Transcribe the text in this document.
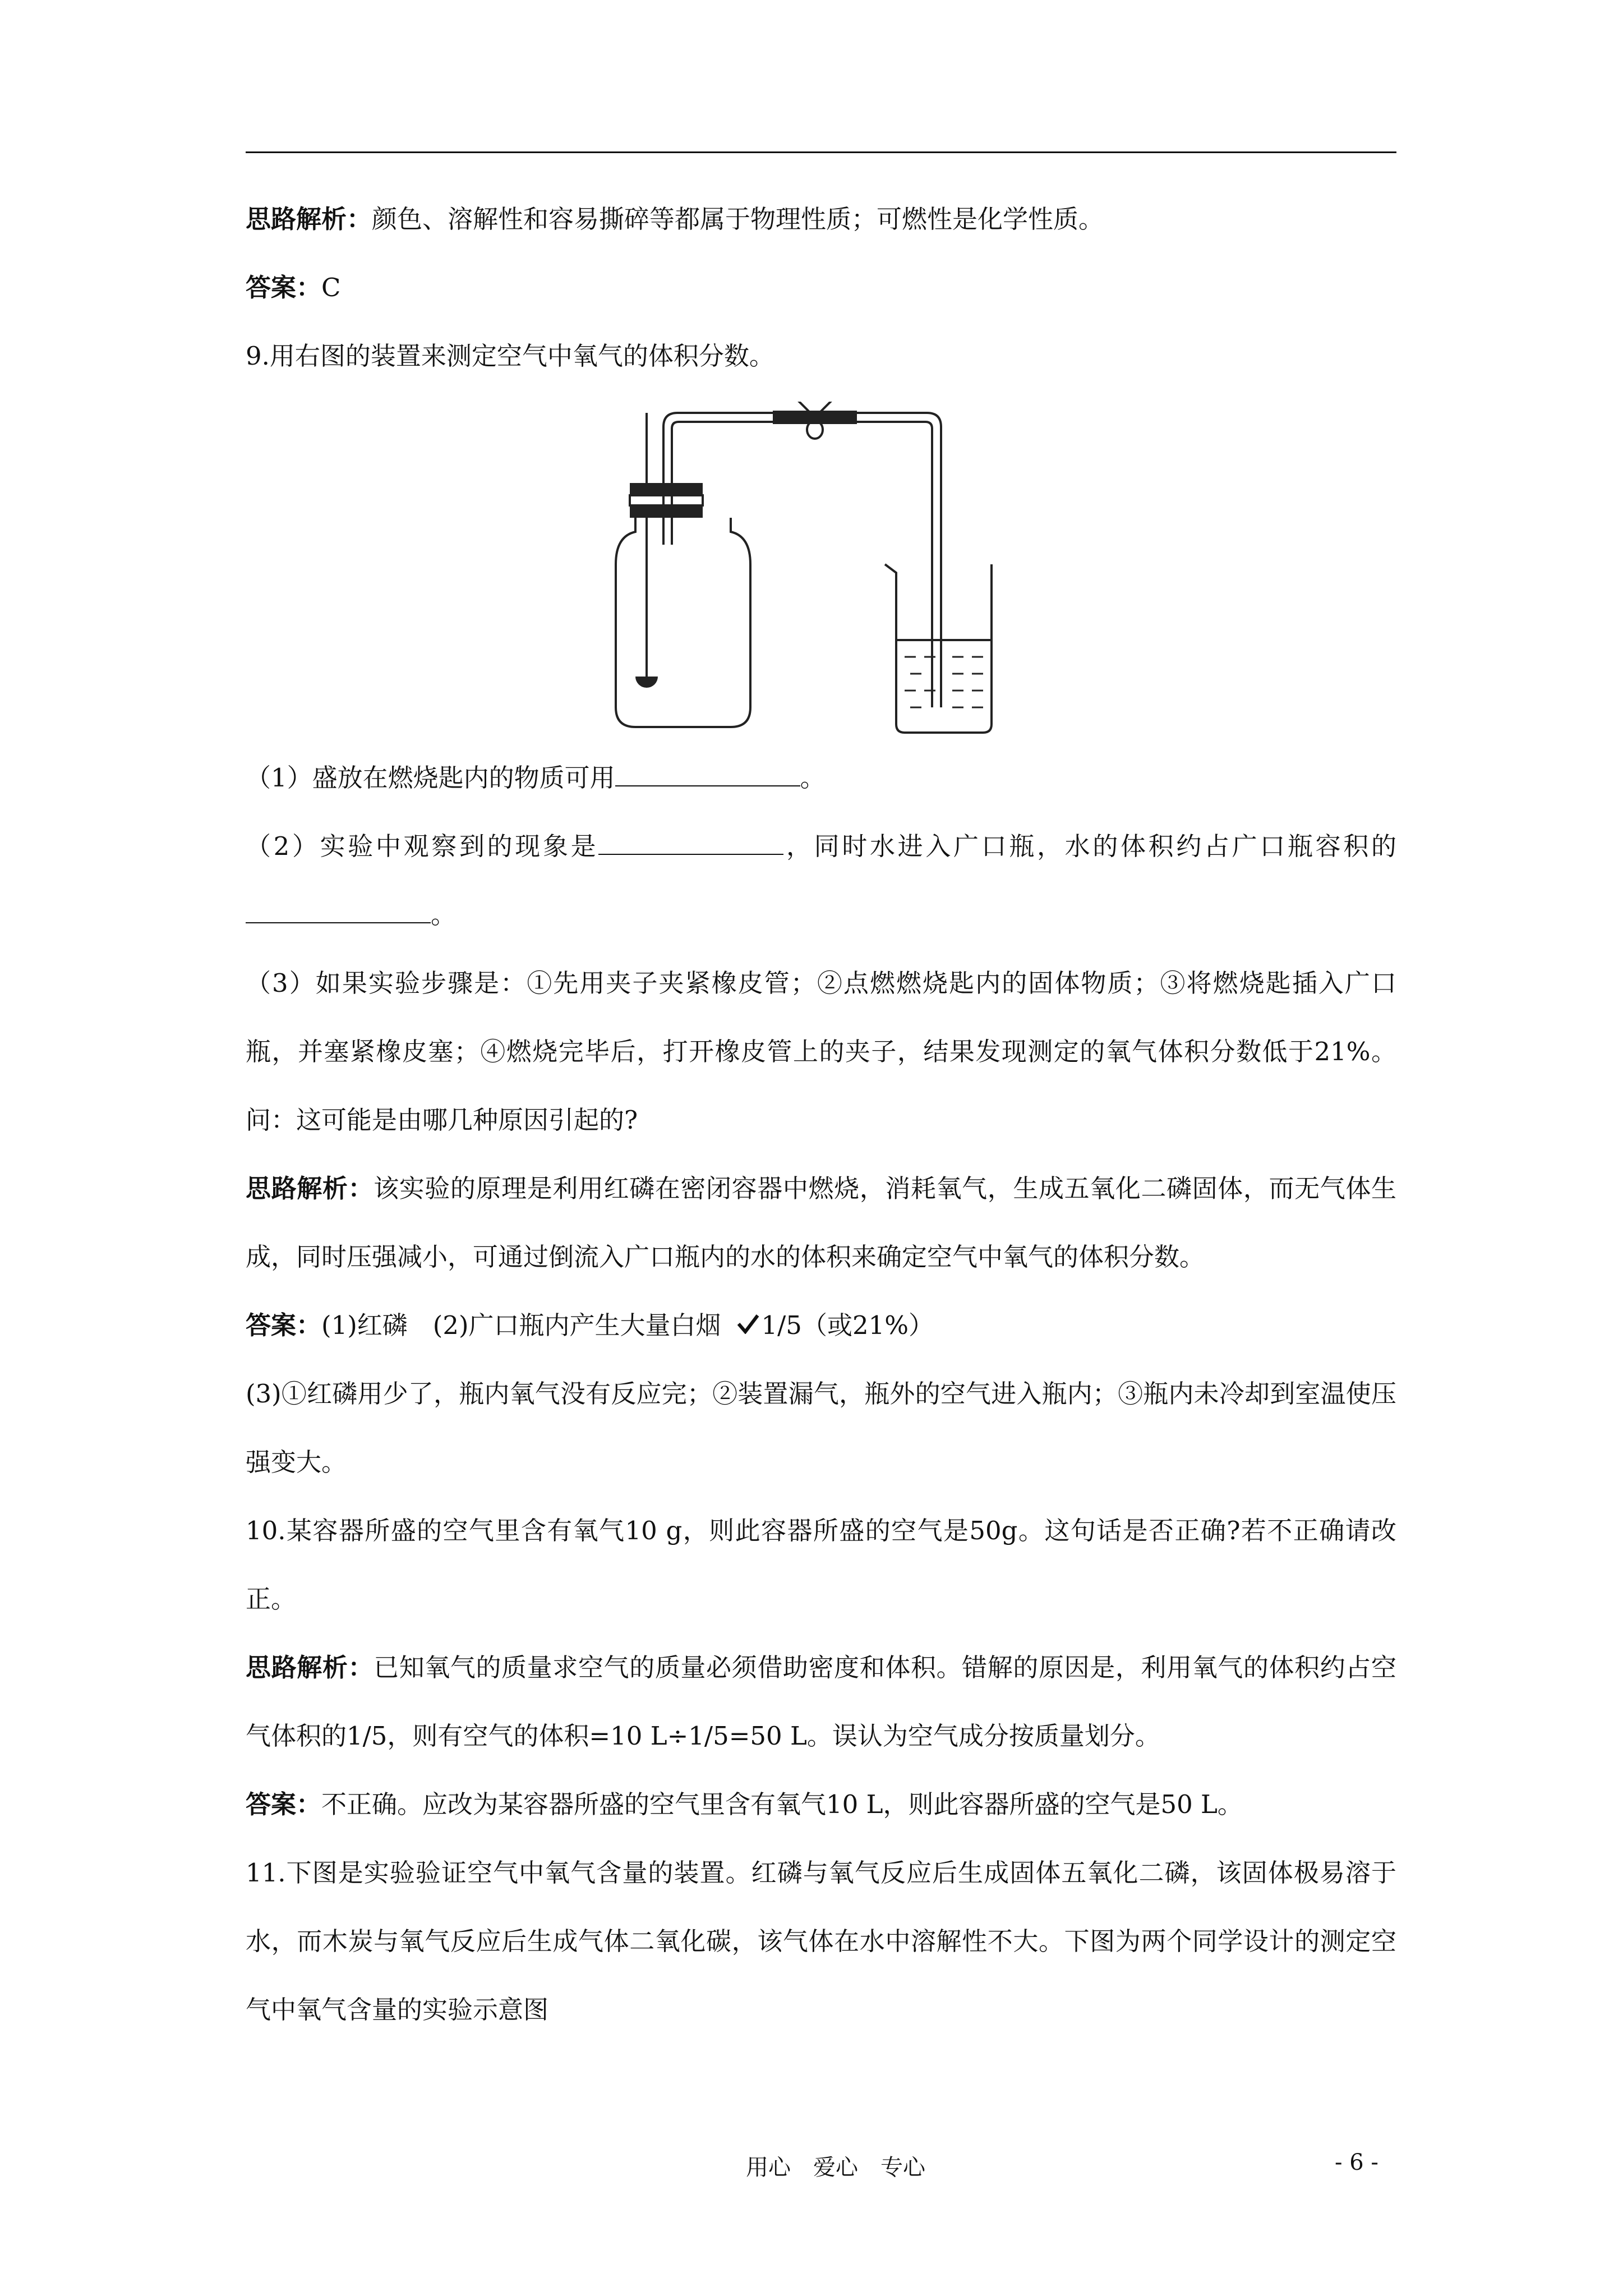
思路解析：颜色、溶解性和容易撕碎等都属于物理性质；可燃性是化学性质。
答案：C
9.用右图的装置来测定空气中氧气的体积分数。
（1）盛放在燃烧匙内的物质可用	。
（2）实验中观察到的现象是	，同时水进入广口瓶，水的体积约占广口瓶容积的。
（3）如果实验步骤是：①先用夹子夹紧橡皮管；②点燃燃烧匙内的固体物质；③将燃烧匙插入广口瓶，并塞紧橡皮塞；④燃烧完毕后，打开橡皮管上的夹子，结果发现测定的氧气体积分数低于21%。问：这可能是由哪几种原因引起的?
思路解析：该实验的原理是利用红磷在密闭容器中燃烧，消耗氧气，生成五氧化二磷固体，而无气体生成，同时压强减小，可通过倒流入广口瓶内的水的体积来确定空气中氧气的体积分数。
答案：(1)红磷　(2)广口瓶内产生大量白烟 1/5（或21%）
(3)①红磷用少了，瓶内氧气没有反应完；②装置漏气，瓶外的空气进入瓶内；③瓶内未冷却到室温使压强变大。
10.某容器所盛的空气里含有氧气10 g，则此容器所盛的空气是50g。这句话是否正确?若不正确请改正。
思路解析：已知氧气的质量求空气的质量必须借助密度和体积。错解的原因是，利用氧气的体积约占空气体积的1/5，则有空气的体积=10 L÷1/5=50 L。误认为空气成分按质量划分。
答案：不正确。应改为某容器所盛的空气里含有氧气10 L，则此容器所盛的空气是50 L。
11.下图是实验验证空气中氧气含量的装置。红磷与氧气反应后生成固体五氧化二磷，该固体极易溶于水，而木炭与氧气反应后生成气体二氧化碳，该气体在水中溶解性不大。下图为两个同学设计的测定空气中氧气含量的实验示意图
用心　爱心　专心	- 6 -
